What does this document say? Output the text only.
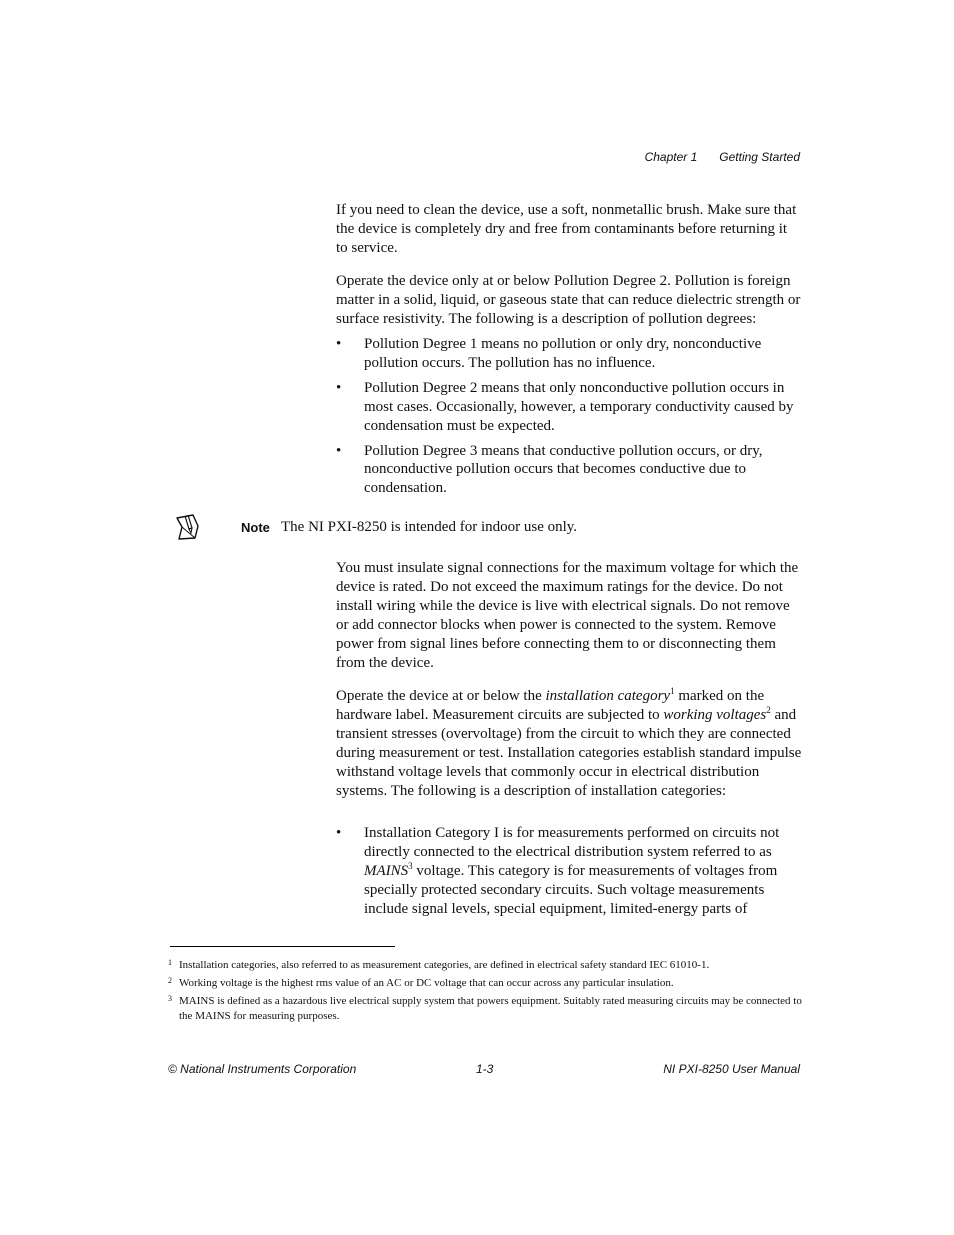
Chapter 1 Getting Started

If you need to clean the device, use a soft, nonmetallic brush. Make sure that the device is completely dry and free from contaminants before returning it to service.

Operate the device only at or below Pollution Degree 2. Pollution is foreign matter in a solid, liquid, or gaseous state that can reduce dielectric strength or surface resistivity. The following is a description of pollution degrees:

• Pollution Degree 1 means no pollution or only dry, nonconductive pollution occurs. The pollution has no influence.
• Pollution Degree 2 means that only nonconductive pollution occurs in most cases. Occasionally, however, a temporary conductivity caused by condensation must be expected.
• Pollution Degree 3 means that conductive pollution occurs, or dry, nonconductive pollution occurs that becomes conductive due to condensation.
Note The NI PXI-8250 is intended for indoor use only.

You must insulate signal connections for the maximum voltage for which the device is rated. Do not exceed the maximum ratings for the device. Do not install wiring while the device is live with electrical signals. Do not remove or add connector blocks when power is connected to the system. Remove power from signal lines before connecting them to or disconnecting them from the device.

Operate the device at or below the installation category$^1$ marked on the hardware label. Measurement circuits are subjected to working voltages$^2$ and transient stresses (overvoltage) from the circuit to which they are connected during measurement or test. Installation categories establish standard impulse withstand voltage levels that commonly occur in electrical distribution systems. The following is a description of installation categories:

• Installation Category I is for measurements performed on circuits not directly connected to the electrical distribution system referred to as MAINS$^3$ voltage. This category is for measurements of voltages from specially protected secondary circuits. Such voltage measurements include signal levels, special equipment, limited-energy parts of
1 Installation categories, also referred to as measurement categories, are defined in electrical safety standard IEC 61010-1.
2 Working voltage is the highest rms value of an AC or DC voltage that can occur across any particular insulation.
3 MAINS is defined as a hazardous live electrical supply system that powers equipment. Suitably rated measuring circuits may be connected to the MAINS for measuring purposes.
© National Instruments Corporation	1-3	NI PXI-8250 User Manual
